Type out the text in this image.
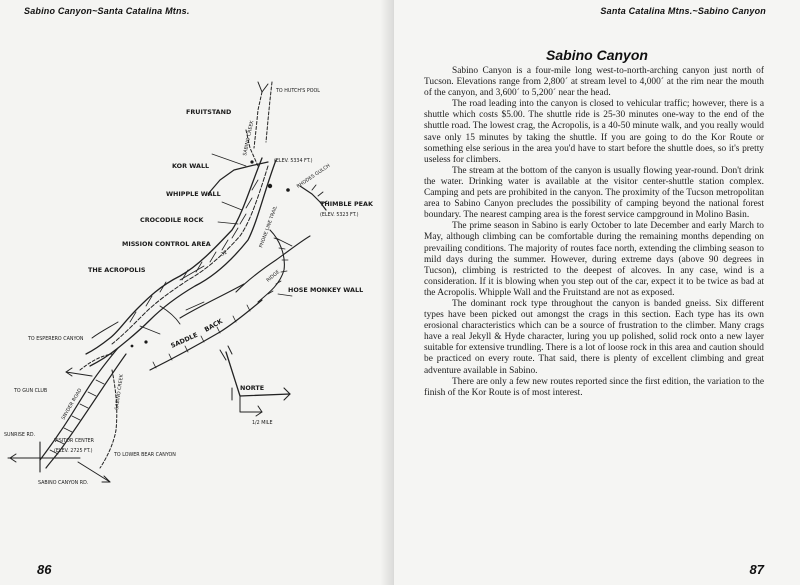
Sabino Canyon~Santa Catalina Mtns.
TO HUTCH'S POOL
FRUITSTAND
SABINO CREEK
(ELEV. 5334 FT.)
KOR WALL	RHODES GULCH
WHIPPLE WALL
THIMBLE PEAK
(ELEV. 5323 FT.)
CROCODILE ROCK	PHONE LINE TRAIL
MISSION CONTROL AREA
32
THE ACROPOLIS	RIDGE
HOSE MONKEY WALL
SADDLE
BACK
TO ESPERERO CANYON
TO GUN CLUB	SNYDER ROAD	SABINO CREEK
SUNRISE RD.
VISITOR CENTER
(ELEV. 2725 FT.)
TO LOWER BEAR CANYON
SABINO CANYON RD.
NORTE
1/2 MILE
86
Santa Catalina Mtns.~Sabino Canyon
Sabino Canyon

Sabino Canyon is a four-mile long west-to-north-arching canyon just north of Tucson. Elevations range from 2,800´ at stream level to 4,000´ at the rim near the mouth of the canyon, and 3,600´ to 5,200´ near the head.

The road leading into the canyon is closed to vehicular traffic; however, there is a shuttle which costs $5.00. The shuttle ride is 25-30 minutes one-way to the end of the shuttle road. The lowest crag, the Acropolis, is a 40-50 minute walk, and you really would save only 15 minutes by taking the shuttle. If you are going to do the Kor Route or something else serious in the area you'd have to start before the shuttle does, so it's pretty useless for climbers.

The stream at the bottom of the canyon is usually flowing year-round. Don't drink the water. Drinking water is available at the visitor center-shuttle station complex. Camping and pets are prohibited in the canyon. The proximity of the Tucson metropolitan area to Sabino Canyon precludes the possibility of camping beyond the national forest boundary. The nearest camping area is the forest service campground in Molino Basin.

The prime season in Sabino is early October to late December and early March to May, although climbing can be comfortable during the remaining months depending on prevailing conditions. The majority of routes face north, extending the climbing season to mild days during the summer. However, during extreme days (above 90 degrees in Tucson), climbing is restricted to the deepest of alcoves. In any case, wind is a consideration. If it is blowing when you step out of the car, expect it to be twice as bad at the Acropolis. Whipple Wall and the Fruitstand are not as exposed.

The dominant rock type throughout the canyon is banded gneiss. Six different types have been picked out amongst the crags in this section. Each type has its own erosional characteristics which can be a source of frustration to the climber. Many crags have a real Jekyll & Hyde character, luring you up polished, solid rock onto a new layer suitable for extensive trundling. There is a lot of loose rock in this area and caution should be practiced on every route. That said, there is plenty of excellent climbing and great adventure available in Sabino.

There are only a few new routes reported since the first edition, the variation to the finish of the Kor Route is of most interest.

87
